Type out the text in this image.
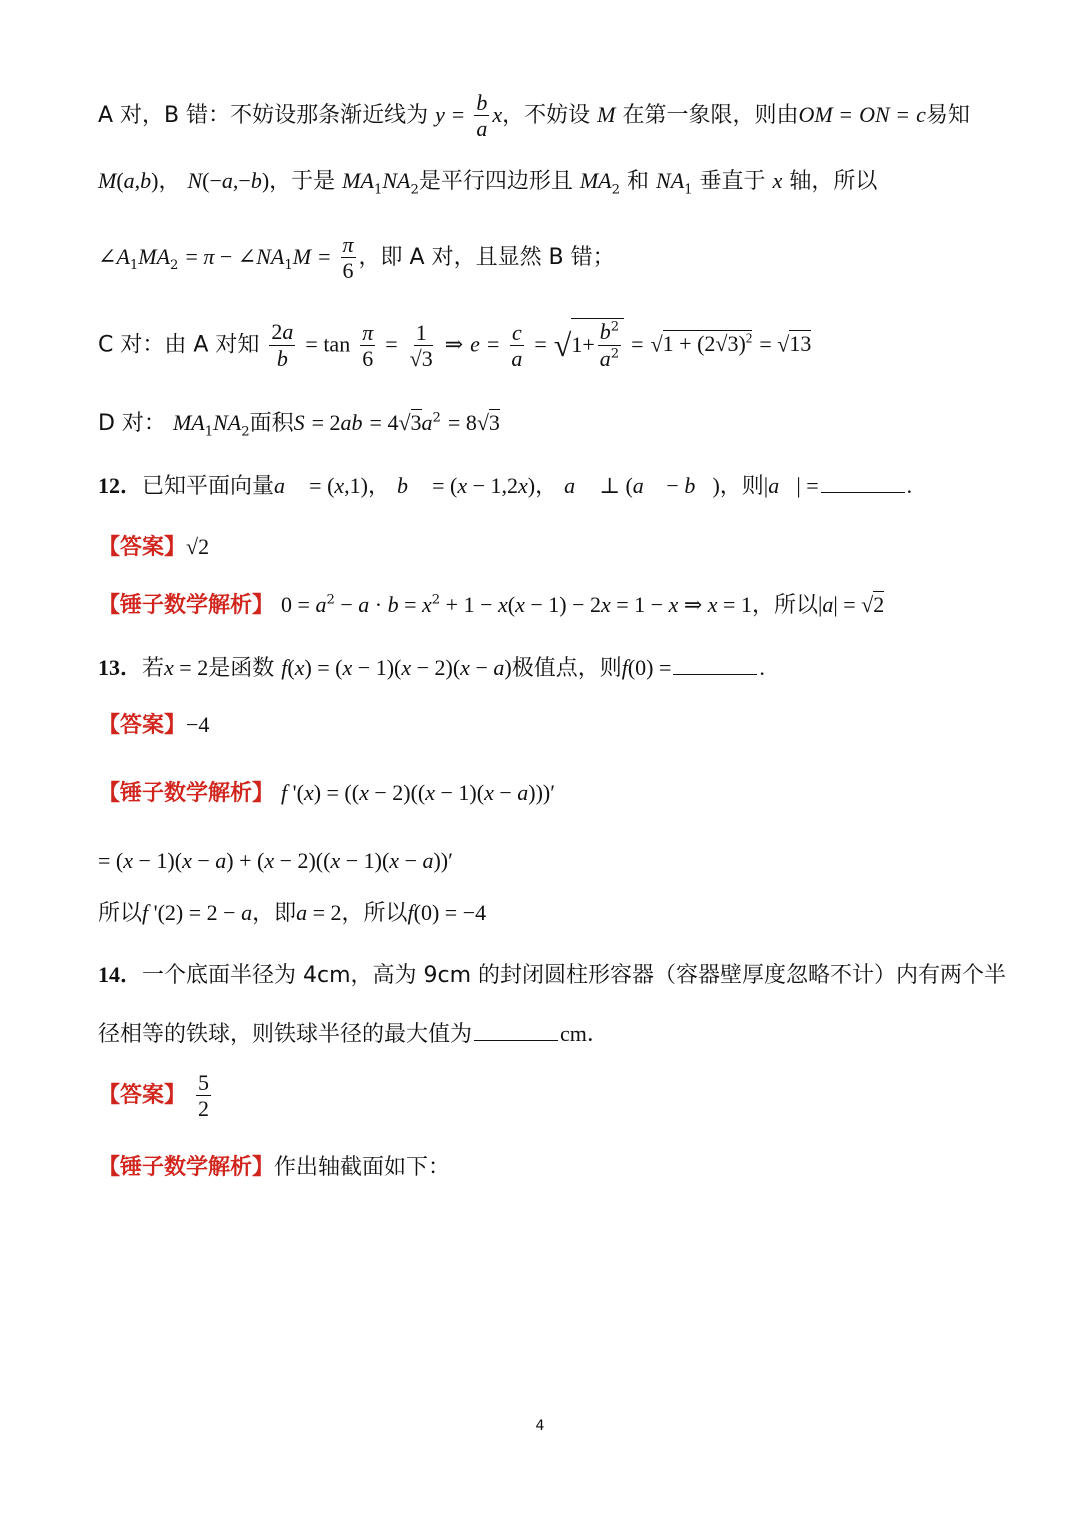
A 对，B 错：不妨设那条渐近线为 $y = \frac{b}{a}$ x，不妨设 M 在第一象限，则由OM = ON = c易知
M(a,b)， N(−a,−b)，于是 $MA_1NA_2$是平行四边形且 $MA_2$ 和 $NA_1$ 垂直于 x 轴，所以
$\angle A_1MA_2 = \pi$ − $\angle NA_1M = \frac{\pi}{6}$ ，即 A 对，且显然 B 错；
C 对：由 A 对知 $\frac{2a}{b} = \tan \frac{\pi}{6} = \frac{1}{√3}$ ⇒ $e = \frac{c}{a} = √1+ \frac{b^2}{a^2} = √1 + (2√3)^2 = √13$
D 对： $MA_1NA_2$面积$S = 2ab = 4√3a^2 = 8√3$
12．已知平面向量a⃗ = (x,1)， b⃗ = (x − 1,2x)， a⃗ ⊥ (a⃗ − b⃗)，则|a⃗| =	.
【答案】√2
【锤子数学解析】 $0 = a^2 - a \cdot b = x^2 + 1 - x(x - 1) - 2x = 1 - x$ ⇒ x = 1，所以|a| = √2
13．若x = 2是函数 f(x) = (x − 1)(x − 2)(x − a)极值点，则f(0) =	.
【答案】−4
【锤子数学解析】 f '(x) = ((x − 2)((x − 1)(x − a)))′
= (x − 1)(x − a) + (x − 2)((x − 1)(x − a))′
所以f '(2) = 2 − a，即a = 2，所以f(0) = −4
14．一个底面半径为 4cm，高为 9cm 的封闭圆柱形容器（容器壁厚度忽略不计）内有两个半
径相等的铁球，则铁球半径的最大值为	cm．
【答案】 $\frac{5}{2}$
【锤子数学解析】作出轴截面如下：
4
